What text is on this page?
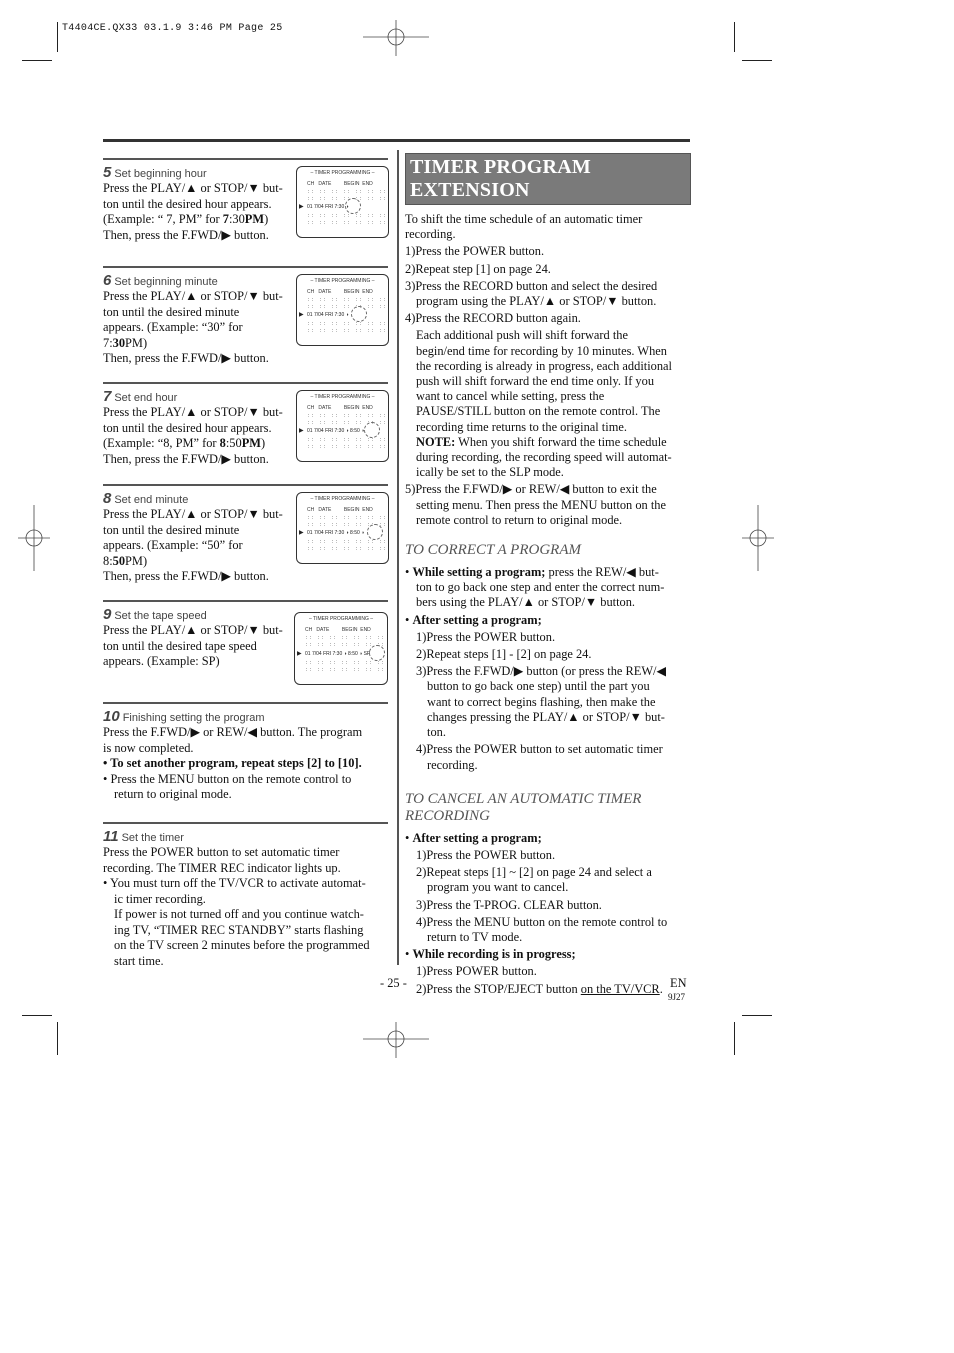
T4404CE.QX33 03.1.9 3:46 PM Page 25
5 Set beginning hour
Press the PLAY/▲ or STOP/▼ but-
ton until the desired hour appears.
(Example: “ 7, PM” for 7:30PM)
Then, press the F.FWD/▶ button.
– TIMER PROGRAMMING –
CH DATE	BEGIN END
:: :: :: :: :: :: ::
:: :: :: :: :: :: ::
▶ 01 7/04 FRI 7:30 ◑
:: :: :: :: :: :: ::
:: :: :: :: :: :: ::
6 Set beginning minute
Press the PLAY/▲ or STOP/▼ but-
ton until the desired minute
appears. (Example: “30” for
7:30PM)
Then, press the F.FWD/▶ button.
– TIMER PROGRAMMING –
CH DATE	BEGIN END
:: :: :: :: :: :: ::
:: :: :: :: :: :: ::
▶ 01 7/04 FRI 7:30 ◑
:: :: :: :: :: :: ::
:: :: :: :: :: :: ::
7 Set end hour
Press the PLAY/▲ or STOP/▼ but-
ton until the desired hour appears.
(Example: “8, PM” for 8:50PM)
Then, press the F.FWD/▶ button.
– TIMER PROGRAMMING –
CH DATE	BEGIN END
:: :: :: :: :: :: ::
:: :: :: :: :: :: ::
▶ 01 7/04 FRI 7:30 ◑ 8:50 ◑
:: :: :: :: :: :: ::
:: :: :: :: :: :: ::
8 Set end minute
Press the PLAY/▲ or STOP/▼ but-
ton until the desired minute
appears. (Example: “50” for
8:50PM)
Then, press the F.FWD/▶ button.
– TIMER PROGRAMMING –
CH DATE	BEGIN END
:: :: :: :: :: :: ::
:: :: :: :: :: :: ::
▶ 01 7/04 FRI 7:30 ◑ 8:50 ◑
:: :: :: :: :: :: ::
:: :: :: :: :: :: ::
9 Set the tape speed
Press the PLAY/▲ or STOP/▼ but-
ton until the desired tape speed
appears. (Example: SP)
– TIMER PROGRAMMING –
CH DATE	BEGIN END
:: :: :: :: :: :: ::
:: :: :: :: :: :: ::
▶ 01 7/04 FRI 7:30 ◑ 8:50 ◑ SP
:: :: :: :: :: :: ::
:: :: :: :: :: :: ::
10 Finishing setting the program
Press the F.FWD/▶ or REW/◀ button. The program
is now completed.
• To set another program, repeat steps [2] to [10].
• Press the MENU button on the remote control to
return to original mode.
11 Set the timer
Press the POWER button to set automatic timer
recording. The TIMER REC indicator lights up.
• You must turn off the TV/VCR to activate automat-
ic timer recording.
If power is not turned off and you continue watch-
ing TV, “TIMER REC STANDBY” starts flashing
on the TV screen 2 minutes before the programmed
start time.
TIMER PROGRAM EXTENSION
To shift the time schedule of an automatic timer
recording.
1)Press the POWER button.
2)Repeat step [1] on page 24.
3)Press the RECORD button and select the desired
program using the PLAY/▲ or STOP/▼ button.
4)Press the RECORD button again.
Each additional push will shift forward the
begin/end time for recording by 10 minutes. When
the recording is already in progress, each additional
push will shift forward the end time only. If you
want to cancel while setting, press the
PAUSE/STILL button on the remote control. The
recording time returns to the original time.
NOTE: When you shift forward the time schedule
during recording, the recording speed will automat-
ically be set to the SLP mode.
5)Press the F.FWD/▶ or REW/◀ button to exit the
setting menu. Then press the MENU button on the
remote control to return to original mode.
TO CORRECT A PROGRAM
• While setting a program; press the REW/◀ but-
ton to go back one step and enter the correct num-
bers using the PLAY/▲ or STOP/▼ button.
• After setting a program;
1)Press the POWER button.
2)Repeat steps [1] - [2] on page 24.
3)Press the F.FWD/▶ button (or press the REW/◀
button to go back one step) until the part you
want to correct begins flashing, then make the
changes pressing the PLAY/▲ or STOP/▼ but-
ton.
4)Press the POWER button to set automatic timer
recording.
TO CANCEL AN AUTOMATIC TIMER
RECORDING
• After setting a program;
1)Press the POWER button.
2)Repeat steps [1] ~ [2] on page 24 and select a
program you want to cancel.
3)Press the T-PROG. CLEAR button.
4)Press the MENU button on the remote control to
return to TV mode.
• While recording is in progress;
1)Press POWER button.
2)Press the STOP/EJECT button on the TV/VCR.
- 25 -	EN
9J27
